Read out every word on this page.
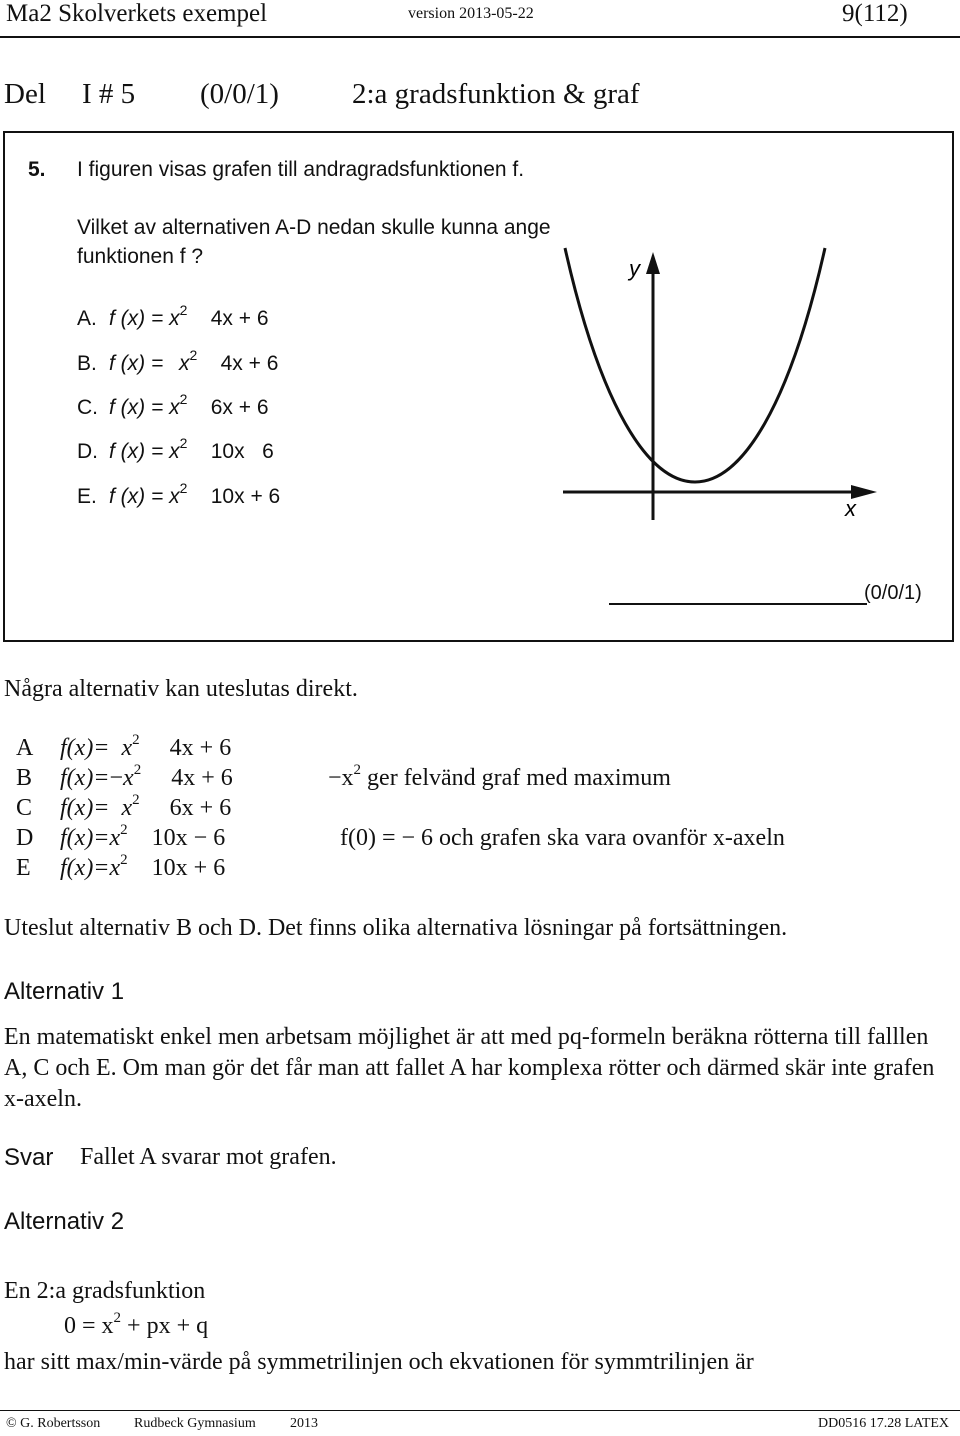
Ma2 Skolverkets exempel	version 2013-05-22	9(112)
Del I # 5 (0/0/1)	2:a gradsfunktion & graf
5. I figuren visas grafen till andragradsfunktionen f.
Vilket av alternativen A-D nedan skulle kunna ange funktionen f ?
A. f $(x) = x^2$ 4x + 6
B. f $(x) = x^2$ 4x + 6
C. f $(x) = x^2$ 6x + 6
D. f $(x) = x^2$ 10x   6
E. f $(x) = x^2$ 10x + 6
y
x
(0/0/1)
Några alternativ kan uteslutas direkt.
A $f(x)= x^2$ 4x + 6
B $f(x)=-x^2$ 4x + 6	$-x^2$ ger felvänd graf med maximum
C $f(x)= x^2$ 6x + 6
D $f(x)=x^2$ 10x − 6	f(0) = − 6 och grafen ska vara ovanför x-axeln
E $f(x)=x^2$ 10x + 6
Uteslut alternativ B och D. Det finns olika alternativa lösningar på fortsättningen.
Alternativ 1
En matematiskt enkel men arbetsam möjlighet är att med pq-formeln beräkna rötterna till falllen A, C och E. Om man gör det får man att fallet A har komplexa rötter och därmed skär inte grafen x-axeln.
Svar Fallet A svarar mot grafen.
Alternativ 2
En 2:a gradsfunktion
$0 = x^2$ + px + q
har sitt max/min-värde på symmetrilinjen och ekvationen för symmtrilinjen är
© G. Robertsson Rudbeck Gymnasium 2013	DD0516 17.28 LATEX
